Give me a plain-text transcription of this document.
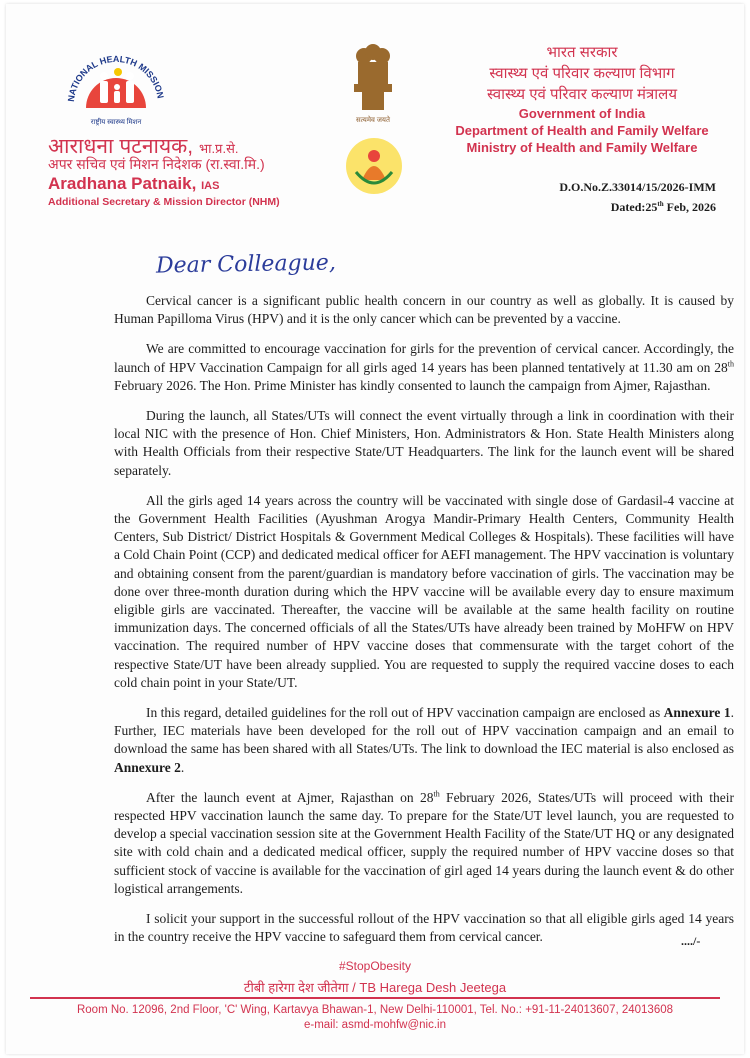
NATIONAL HEALTH MISSION
राष्ट्रीय स्वास्थ्य मिशन
आराधना पटनायक, भा.प्र.से.
अपर सचिव एवं मिशन निदेशक (रा.स्वा.मि.)
Aradhana Patnaik, IAS
Additional Secretary & Mission Director (NHM)
सत्यमेव जयते
भारत सरकार
स्वास्थ्य एवं परिवार कल्याण विभाग
स्वास्थ्य एवं परिवार कल्याण मंत्रालय
Government of India
Department of Health and Family Welfare
Ministry of Health and Family Welfare
D.O.No.Z.33014/15/2026-IMM
Dated:25th Feb, 2026
Dear Colleague,

Cervical cancer is a significant public health concern in our country as well as globally. It is caused by Human Papilloma Virus (HPV) and it is the only cancer which can be prevented by a vaccine.

We are committed to encourage vaccination for girls for the prevention of cervical cancer. Accordingly, the launch of HPV Vaccination Campaign for all girls aged 14 years has been planned tentatively at 11.30 am on 28th February 2026. The Hon. Prime Minister has kindly consented to launch the campaign from Ajmer, Rajasthan.

During the launch, all States/UTs will connect the event virtually through a link in coordination with their local NIC with the presence of Hon. Chief Ministers, Hon. Administrators & Hon. State Health Ministers along with Health Officials from their respective State/UT Headquarters. The link for the launch event will be shared separately.

All the girls aged 14 years across the country will be vaccinated with single dose of Gardasil-4 vaccine at the Government Health Facilities (Ayushman Arogya Mandir-Primary Health Centers, Community Health Centers, Sub District/ District Hospitals & Government Medical Colleges & Hospitals). These facilities will have a Cold Chain Point (CCP) and dedicated medical officer for AEFI management. The HPV vaccination is voluntary and obtaining consent from the parent/guardian is mandatory before vaccination of girls. The vaccination may be done over three-month duration during which the HPV vaccine will be available every day to ensure maximum eligible girls are vaccinated. Thereafter, the vaccine will be available at the same health facility on routine immunization days. The concerned officials of all the States/UTs have already been trained by MoHFW on HPV vaccination. The required number of HPV vaccine doses that commensurate with the target cohort of the respective State/UT have been already supplied. You are requested to supply the required vaccine doses to each cold chain point in your State/UT.

In this regard, detailed guidelines for the roll out of HPV vaccination campaign are enclosed as Annexure 1. Further, IEC materials have been developed for the roll out of HPV vaccination campaign and an email to download the same has been shared with all States/UTs. The link to download the IEC material is also enclosed as Annexure 2.

After the launch event at Ajmer, Rajasthan on 28th February 2026, States/UTs will proceed with their respected HPV vaccination launch the same day. To prepare for the State/UT level launch, you are requested to develop a special vaccination session site at the Government Health Facility of the State/UT HQ or any designated site with cold chain and a dedicated medical officer, supply the required number of HPV vaccine doses so that sufficient stock of vaccine is available for the vaccination of girl aged 14 years during the launch event & do other logistical arrangements.

I solicit your support in the successful rollout of the HPV vaccination so that all eligible girls aged 14 years in the country receive the HPV vaccine to safeguard them from cervical cancer.	..../-
#StopObesity
टीबी हारेगा देश जीतेगा / TB Harega Desh Jeetega
Room No. 12096, 2nd Floor, 'C' Wing, Kartavya Bhawan-1, New Delhi-110001, Tel. No.: +91-11-24013607, 24013608
e-mail: asmd-mohfw@nic.in
